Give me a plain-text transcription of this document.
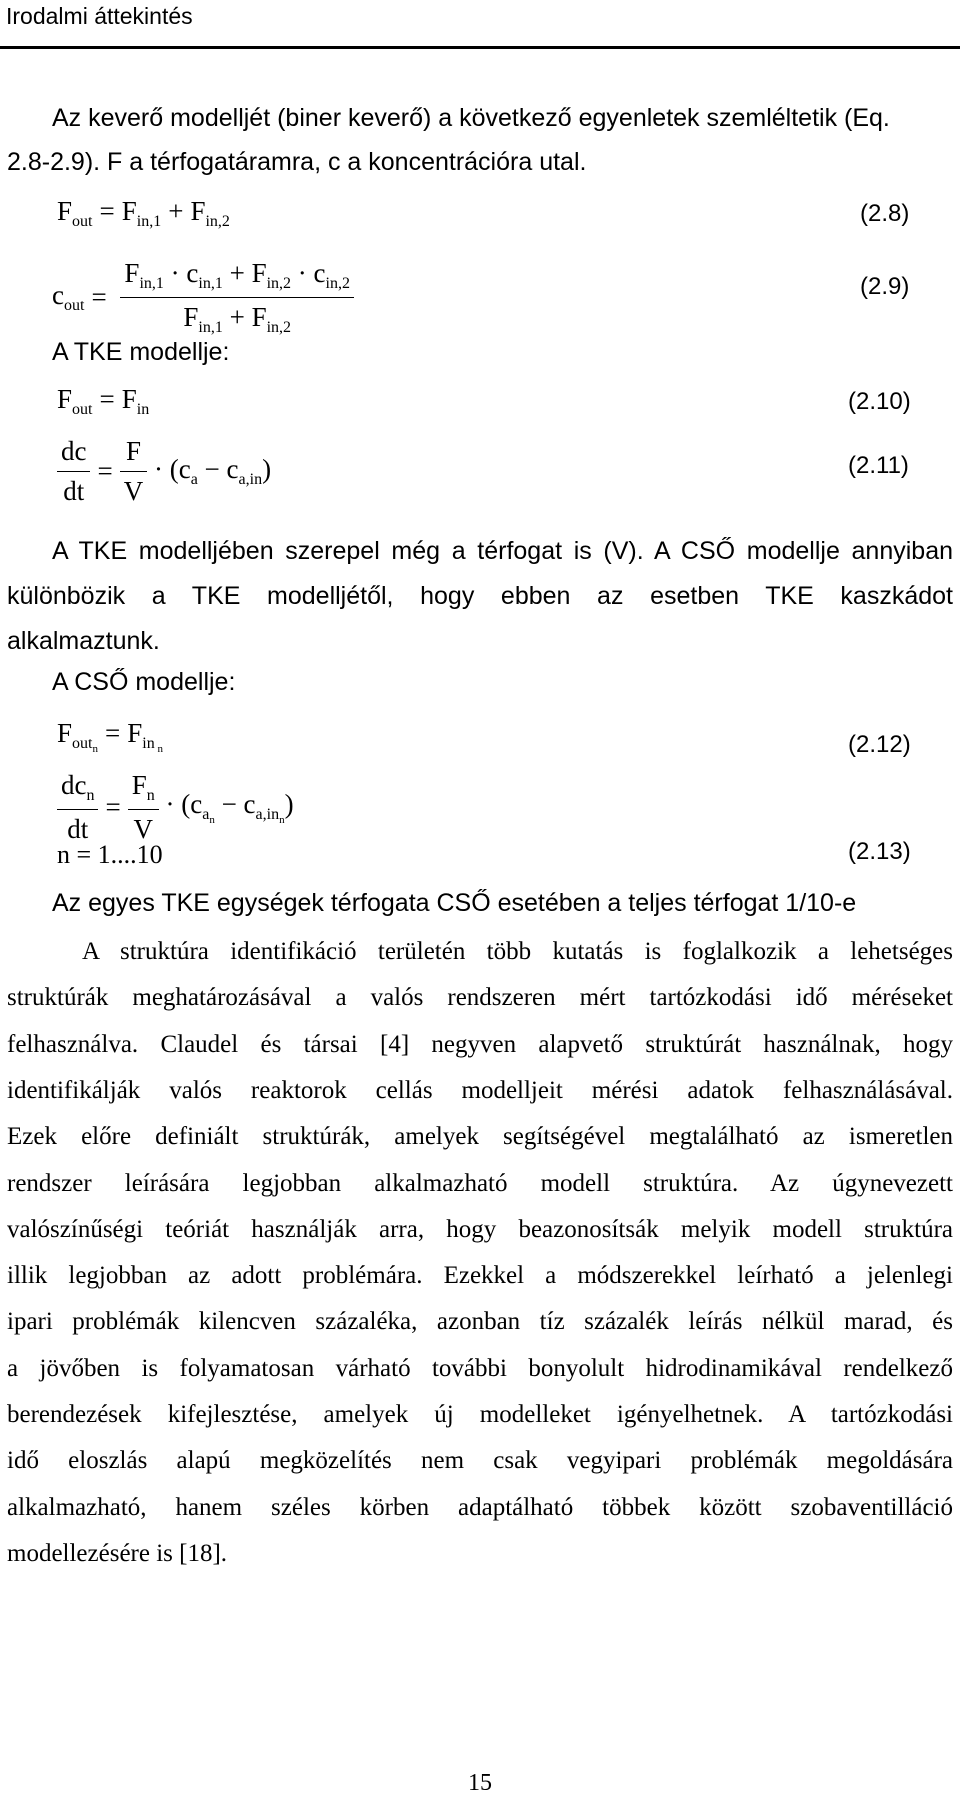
Irodalmi áttekintés
Az keverő modelljét (biner keverő) a következő egyenletek szemléltetik (Eq.
2.8-2.9). F a térfogatáramra, c a koncentrációra utal.
$F_{out} = F_{in,1} + F_{in,2}$	(2.8)
$c_{out} = \frac{F_{in,1} \cdot c_{in,1} + F_{in,2} \cdot c_{in,2}}{F_{in,1} + F_{in,2}}$	(2.9)
A TKE modellje:
$F_{out} = F_{in}$	(2.10)
$\frac{dc}{dt} = \frac{F}{V} \cdot (c_a - c_{a,in})$	(2.11)
A TKE modelljében szerepel még a térfogat is (V). A CSŐ modellje annyiban
különbözik a TKE modelljétől, hogy ebben az esetben TKE kaszkádot
alkalmaztunk.
A CSŐ modellje:
$F_{out_n}= F_{in _n}$	(2.12)
$\frac{dc_n}{dt} = \frac{F_n}{V} \cdot (c_{a_n} - c_{a,in_n})$
n = 1....10	(2.13)
Az egyes TKE egységek térfogata CSŐ esetében a teljes térfogat 1/10-e
A struktúra identifikáció területén több kutatás is foglalkozik a lehetséges
struktúrák meghatározásával a valós rendszeren mért tartózkodási idő méréseket
felhasználva. Claudel és társai [4] negyven alapvető struktúrát használnak, hogy
identifikálják valós reaktorok cellás modelljeit mérési adatok felhasználásával.
Ezek előre definiált struktúrák, amelyek segítségével megtalálható az ismeretlen
rendszer leírására legjobban alkalmazható modell struktúra. Az úgynevezett
valószínűségi teóriát használják arra, hogy beazonosítsák melyik modell struktúra
illik legjobban az adott problémára. Ezekkel a módszerekkel leírható a jelenlegi
ipari problémák kilencven százaléka, azonban tíz százalék leírás nélkül marad, és
a jövőben is folyamatosan várható további bonyolult hidrodinamikával rendelkező
berendezések kifejlesztése, amelyek új modelleket igényelhetnek. A tartózkodási
idő eloszlás alapú megközelítés nem csak vegyipari problémák megoldására
alkalmazható, hanem széles körben adaptálható többek között szobaventilláció
modellezésére is [18].
15
